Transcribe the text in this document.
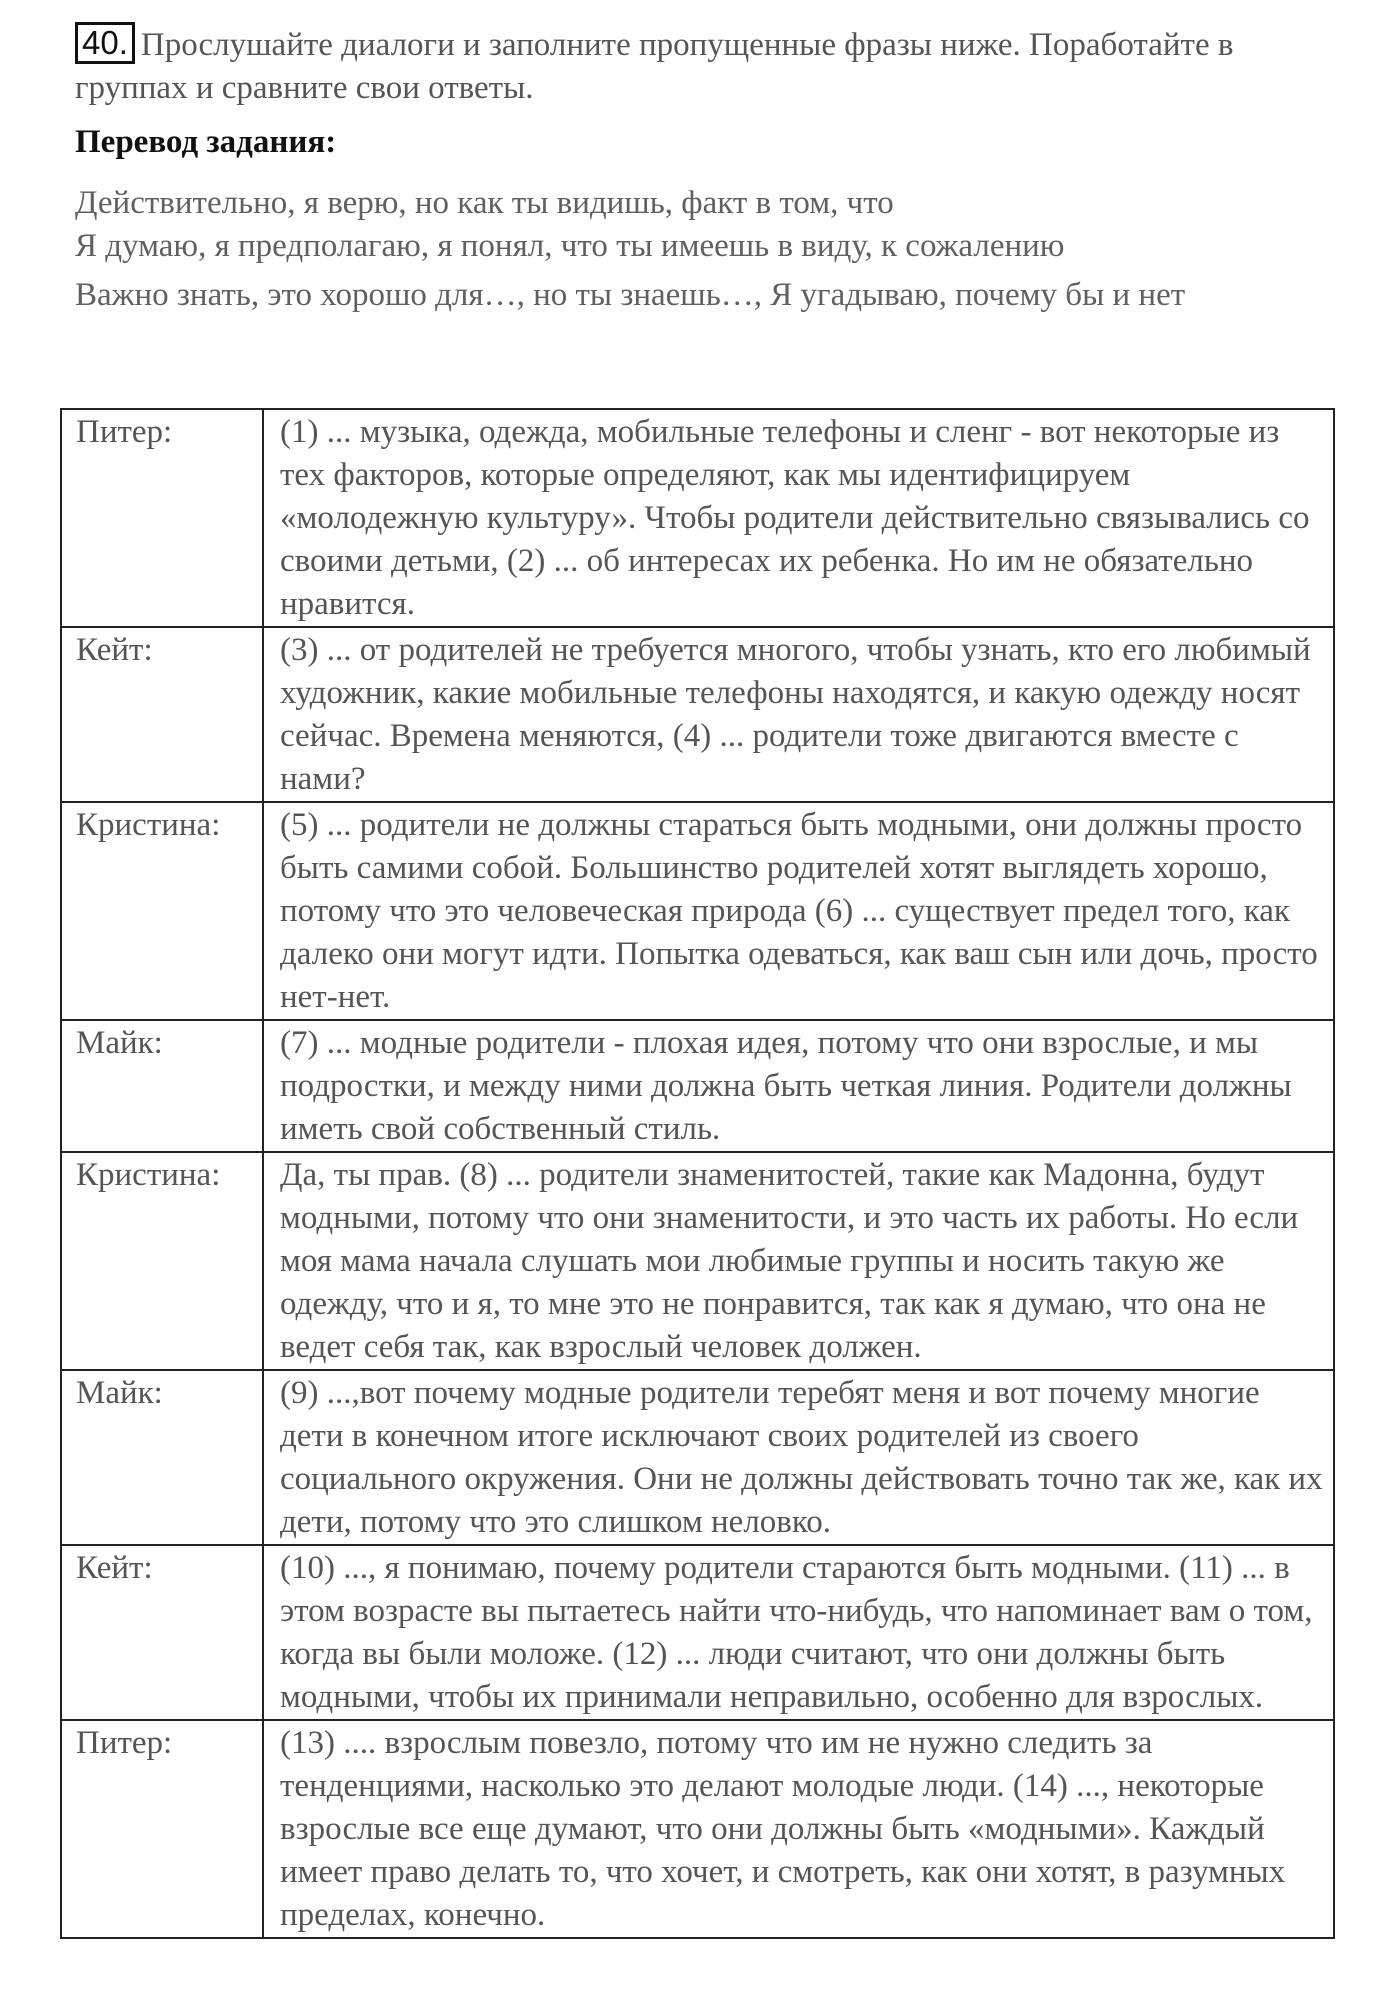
40. Прослушайте диалоги и заполните пропущенные фразы ниже. Поработайте в группах и сравните свои ответы.
Перевод задания:

Действительно, я верю, но как ты видишь, факт в том, что

Я думаю, я предполагаю, я понял, что ты имеешь в виду, к сожалению

Важно знать, это хорошо для…, но ты знаешь…, Я угадываю, почему бы и нет

Питер:	(1) ... музыка, одежда, мобильные телефоны и сленг - вот некоторые из тех факторов, которые определяют, как мы идентифицируем «молодежную культуру». Чтобы родители действительно связывались со своими детьми, (2) ... об интересах их ребенка. Но им не обязательно нравится.
Кейт:	(3) ... от родителей не требуется многого, чтобы узнать, кто его любимый художник, какие мобильные телефоны находятся, и какую одежду носят сейчас. Времена меняются, (4) ... родители тоже двигаются вместе с нами?
Кристина:	(5) ... родители не должны стараться быть модными, они должны просто быть самими собой. Большинство родителей хотят выглядеть хорошо, потому что это человеческая природа (6) ... существует предел того, как далеко они могут идти. Попытка одеваться, как ваш сын или дочь, просто нет-нет.
Майк:	(7) ... модные родители - плохая идея, потому что они взрослые, и мы подростки, и между ними должна быть четкая линия. Родители должны иметь свой собственный стиль.
Кристина:	Да, ты прав. (8) ... родители знаменитостей, такие как Мадонна, будут модными, потому что они знаменитости, и это часть их работы. Но если моя мама начала слушать мои любимые группы и носить такую же одежду, что и я, то мне это не понравится, так как я думаю, что она не ведет себя так, как взрослый человек должен.
Майк:	(9) ...,вот почему модные родители теребят меня и вот почему многие дети в конечном итоге исключают своих родителей из своего социального окружения. Они не должны действовать точно так же, как их дети, потому что это слишком неловко.
Кейт:	(10) ..., я понимаю, почему родители стараются быть модными. (11) ... в этом возрасте вы пытаетесь найти что-нибудь, что напоминает вам о том, когда вы были моложе. (12) ... люди считают, что они должны быть модными, чтобы их принимали неправильно, особенно для взрослых.
Питер:	(13) .... взрослым повезло, потому что им не нужно следить за тенденциями, насколько это делают молодые люди. (14) ..., некоторые взрослые все еще думают, что они должны быть «модными». Каждый имеет право делать то, что хочет, и смотреть, как они хотят, в разумных пределах, конечно.
